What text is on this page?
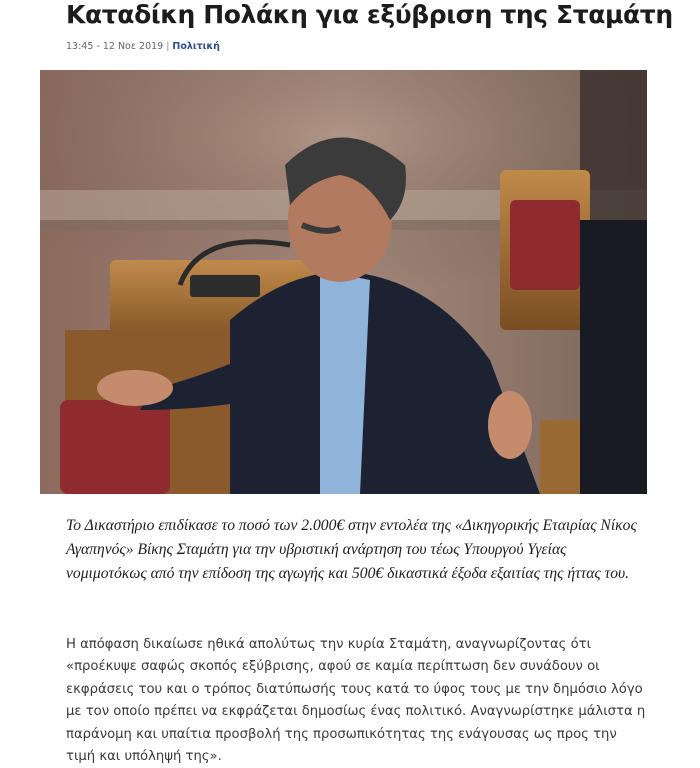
Καταδίκη Πολάκη για εξύβριση της Σταμάτη
13:45 - 12 Νοε 2019 | Πολιτική

Το Δικαστήριο επιδίκασε το ποσό των 2.000€ στην εντολέα της «Δικηγορικής Εταιρίας Νίκος Αγαπηνός» Βίκης Σταμάτη για την υβριστική ανάρτηση του τέως Υπουργού Υγείας νομιμοτόκως από την επίδοση της αγωγής και 500€ δικαστικά έξοδα εξαιτίας της ήττας του.

Η απόφαση δικαίωσε ηθικά απολύτως την κυρία Σταμάτη, αναγνωρίζοντας ότι «προέκυψε σαφώς σκοπός εξύβρισης, αφού σε καμία περίπτωση δεν συνάδουν οι εκφράσεις του και ο τρόπος διατύπωσής τους κατά το ύφος τους με την δημόσιο λόγο με τον οποίο πρέπει να εκφράζεται δημοσίως ένας πολιτικό. Αναγνωρίστηκε μάλιστα η παράνομη και υπαίτια προσβολή της προσωπικότητας της ενάγουσας ως προς την τιμή και υπόληψή της».
